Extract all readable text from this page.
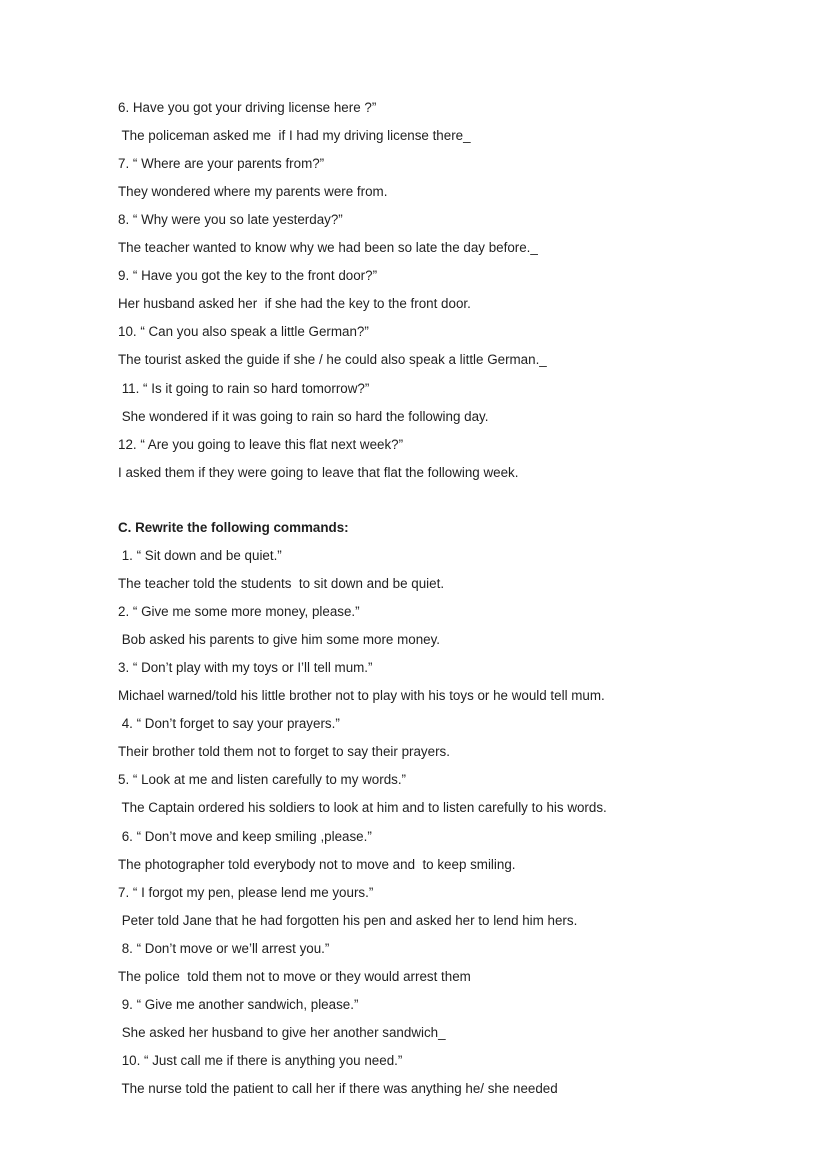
6. Have you got your driving license here ?”
The policeman asked me  if I had my driving license there_
7. “ Where are your parents from?”
They wondered where my parents were from.
8. “ Why were you so late yesterday?”
The teacher wanted to know why we had been so late the day before._
9. “ Have you got the key to the front door?”
Her husband asked her  if she had the key to the front door.
10. “ Can you also speak a little German?”
The tourist asked the guide if she / he could also speak a little German._
11. “ Is it going to rain so hard tomorrow?”
She wondered if it was going to rain so hard the following day.
12. “ Are you going to leave this flat next week?”
I asked them if they were going to leave that flat the following week.
C. Rewrite the following commands:
1. “ Sit down and be quiet.”
The teacher told the students  to sit down and be quiet.
2. “ Give me some more money, please.”
Bob asked his parents to give him some more money.
3. “ Don’t play with my toys or I’ll tell mum.”
Michael warned/told his little brother not to play with his toys or he would tell mum.
4. “ Don’t forget to say your prayers.”
Their brother told them not to forget to say their prayers.
5. “ Look at me and listen carefully to my words.”
The Captain ordered his soldiers to look at him and to listen carefully to his words.
6. “ Don’t move and keep smiling ,please.”
The photographer told everybody not to move and  to keep smiling.
7. “ I forgot my pen, please lend me yours.”
Peter told Jane that he had forgotten his pen and asked her to lend him hers.
8. “ Don’t move or we’ll arrest you.”
The police  told them not to move or they would arrest them
9. “ Give me another sandwich, please.”
She asked her husband to give her another sandwich_
10. “ Just call me if there is anything you need.”
The nurse told the patient to call her if there was anything he/ she needed
